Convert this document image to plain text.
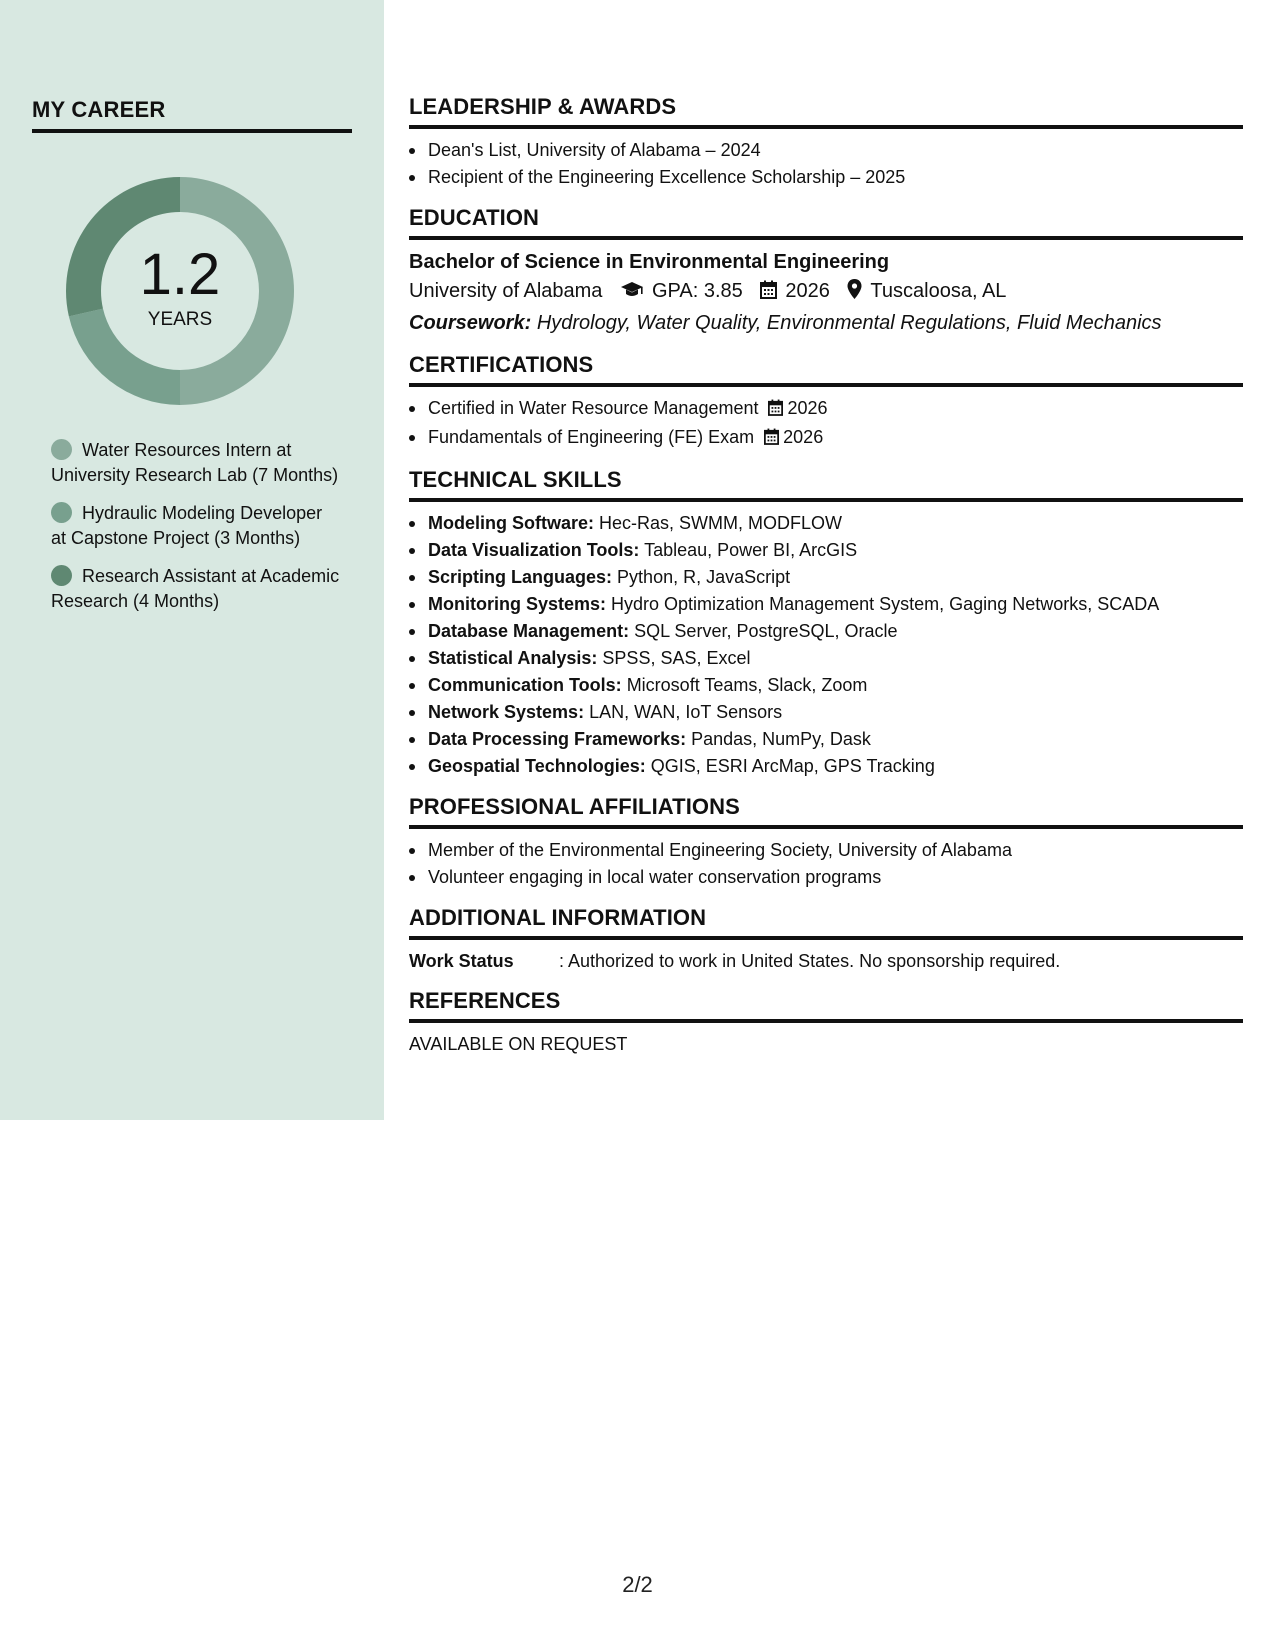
MY CAREER
1.2
YEARS
Water Resources Intern at University Research Lab (7 Months)
Hydraulic Modeling Developer at Capstone Project (3 Months)
Research Assistant at Academic Research (4 Months)
LEADERSHIP & AWARDS
Dean's List, University of Alabama – 2024
Recipient of the Engineering Excellence Scholarship – 2025
EDUCATION
Bachelor of Science in Environmental Engineering
University of Alabama GPA: 3.85 2026 Tuscaloosa, AL
Coursework: Hydrology, Water Quality, Environmental Regulations, Fluid Mechanics
CERTIFICATIONS
Certified in Water Resource Management 2026
Fundamentals of Engineering (FE) Exam 2026
TECHNICAL SKILLS
Modeling Software: Hec-Ras, SWMM, MODFLOW
Data Visualization Tools: Tableau, Power BI, ArcGIS
Scripting Languages: Python, R, JavaScript
Monitoring Systems: Hydro Optimization Management System, Gaging Networks, SCADA
Database Management: SQL Server, PostgreSQL, Oracle
Statistical Analysis: SPSS, SAS, Excel
Communication Tools: Microsoft Teams, Slack, Zoom
Network Systems: LAN, WAN, IoT Sensors
Data Processing Frameworks: Pandas, NumPy, Dask
Geospatial Technologies: QGIS, ESRI ArcMap, GPS Tracking
PROFESSIONAL AFFILIATIONS
Member of the Environmental Engineering Society, University of Alabama
Volunteer engaging in local water conservation programs
ADDITIONAL INFORMATION
Work Status	: Authorized to work in United States. No sponsorship required.
REFERENCES
AVAILABLE ON REQUEST
2/2
